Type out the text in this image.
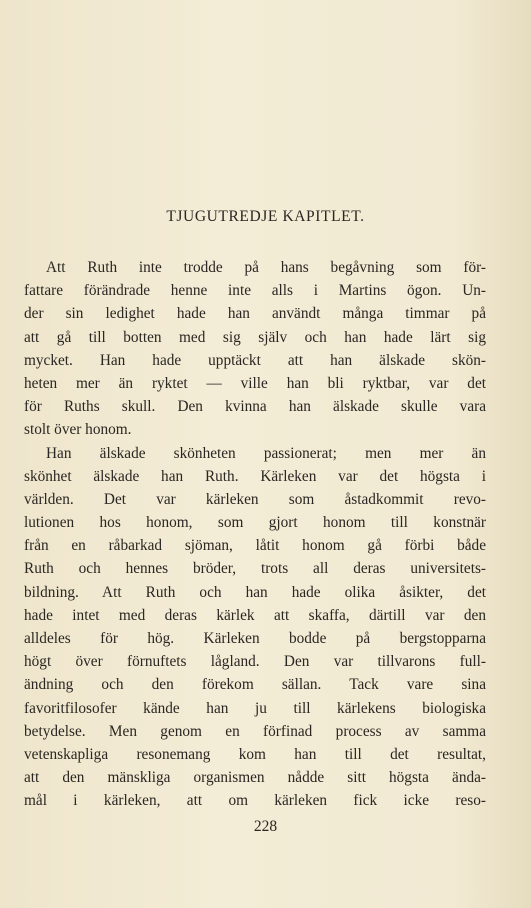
TJUGUTREDJE KAPITLET.
Att Ruth inte trodde på hans begåvning som för-
fattare förändrade henne inte alls i Martins ögon. Un-
der sin ledighet hade han användt många timmar på
att gå till botten med sig själv och han hade lärt sig
mycket. Han hade upptäckt att han älskade skön-
heten mer än ryktet — ville han bli ryktbar, var det
för Ruths skull. Den kvinna han älskade skulle vara
stolt över honom.
Han älskade skönheten passionerat; men mer än
skönhet älskade han Ruth. Kärleken var det högsta i
världen. Det var kärleken som åstadkommit revo-
lutionen hos honom, som gjort honom till konstnär
från en råbarkad sjöman, låtit honom gå förbi både
Ruth och hennes bröder, trots all deras universitets-
bildning. Att Ruth och han hade olika åsikter, det
hade intet med deras kärlek att skaffa, därtill var den
alldeles för hög. Kärleken bodde på bergstopparna
högt över förnuftets lågland. Den var tillvarons full-
ändning och den förekom sällan. Tack vare sina
favoritfilosofer kände han ju till kärlekens biologiska
betydelse. Men genom en förfinad process av samma
vetenskapliga resonemang kom han till det resultat,
att den mänskliga organismen nådde sitt högsta ända-
mål i kärleken, att om kärleken fick icke reso-
228
